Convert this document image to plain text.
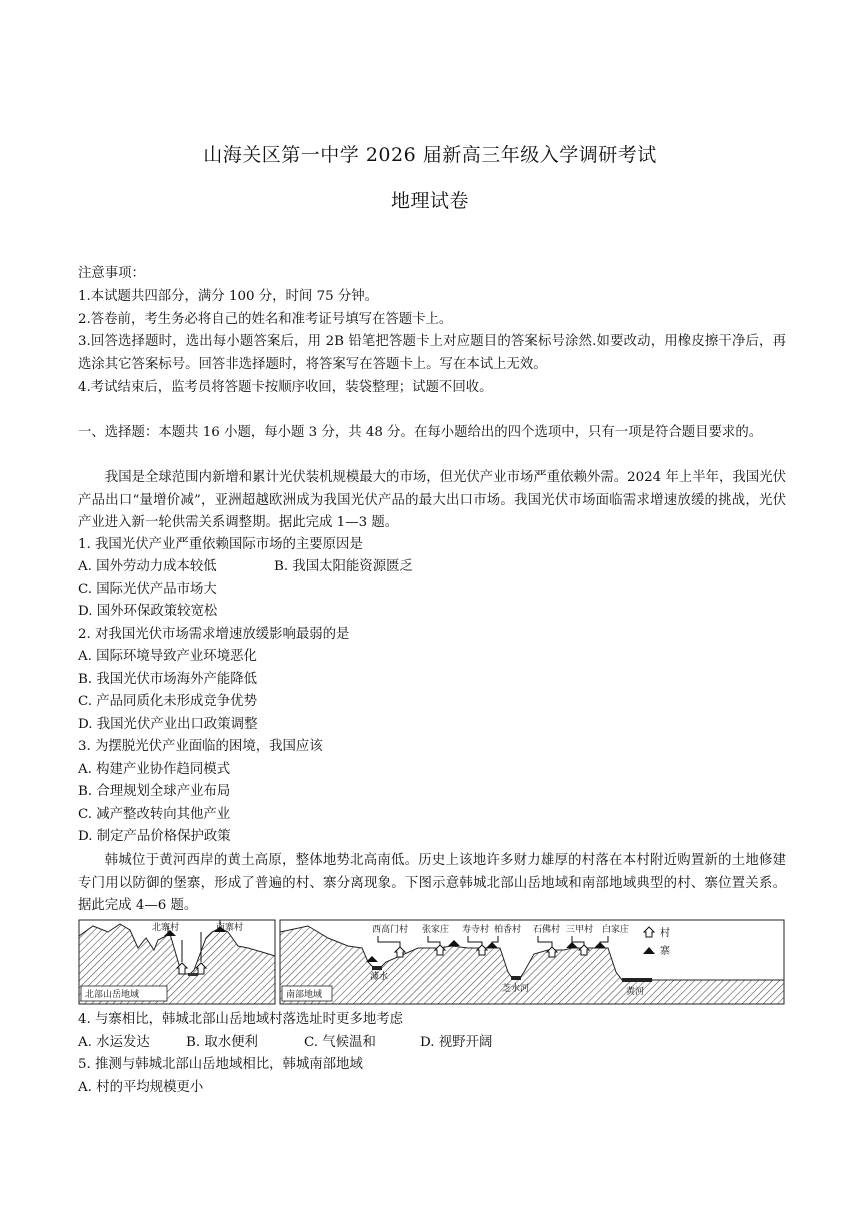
山海关区第一中学 2026 届新高三年级入学调研考试
地理试卷
注意事项：
1.本试题共四部分，满分 100 分，时间 75 分钟。
2.答卷前，考生务必将自己的姓名和准考证号填写在答题卡上。
3.回答选择题时，选出每小题答案后，用 2B 铅笔把答题卡上对应题目的答案标号涂然.如要改动，用橡皮擦干净后，再选涂其它答案标号。回答非选择题时，将答案写在答题卡上。写在本试上无效。
4.考试结束后，监考员将答题卡按顺序收回，装袋整理；试题不回收。
一、选择题：本题共 16 小题，每小题 3 分，共 48 分。在每小题给出的四个选项中，只有一项是符合题目要求的。
我国是全球范围内新增和累计光伏装机规模最大的市场，但光伏产业市场严重依赖外需。2024 年上半年，我国光伏产品出口“量增价减”，亚洲超越欧洲成为我国光伏产品的最大出口市场。我国光伏市场面临需求增速放缓的挑战，光伏产业进入新一轮供需关系调整期。据此完成 1—3 题。
1. 我国光伏产业严重依赖国际市场的主要原因是
A. 国外劳动力成本较低	B. 我国太阳能资源匮乏
C. 国际光伏产品市场大
D. 国外环保政策较宽松
2. 对我国光伏市场需求增速放缓影响最弱的是
A. 国际环境导致产业环境恶化
B. 我国光伏市场海外产能降低
C. 产品同质化未形成竞争优势
D. 我国光伏产业出口政策调整
3. 为摆脱光伏产业面临的困境，我国应该
A. 构建产业协作趋同模式
B. 合理规划全球产业布局
C. 减产整改转向其他产业
D. 制定产品价格保护政策
韩城位于黄河西岸的黄土高原，整体地势北高南低。历史上该地许多财力雄厚的村落在本村附近购置新的土地修建专门用以防御的堡寨，形成了普遍的村、寨分离现象。下图示意韩城北部山岳地域和南部地域典型的村、寨位置关系。据此完成 4—6 题。
北寨村	南寨村
北部山岳地域
西高门村 张家庄 寿寺村 柏香村 石佛村 三甲村 白家庄
澽水
芝水河	黄河
南部地域
村
寨
4. 与寨相比，韩城北部山岳地域村落选址时更多地考虑
A. 水运发达	B. 取水便利	C. 气候温和	D. 视野开阔
5. 推测与韩城北部山岳地域相比，韩城南部地域
A. 村的平均规模更小
